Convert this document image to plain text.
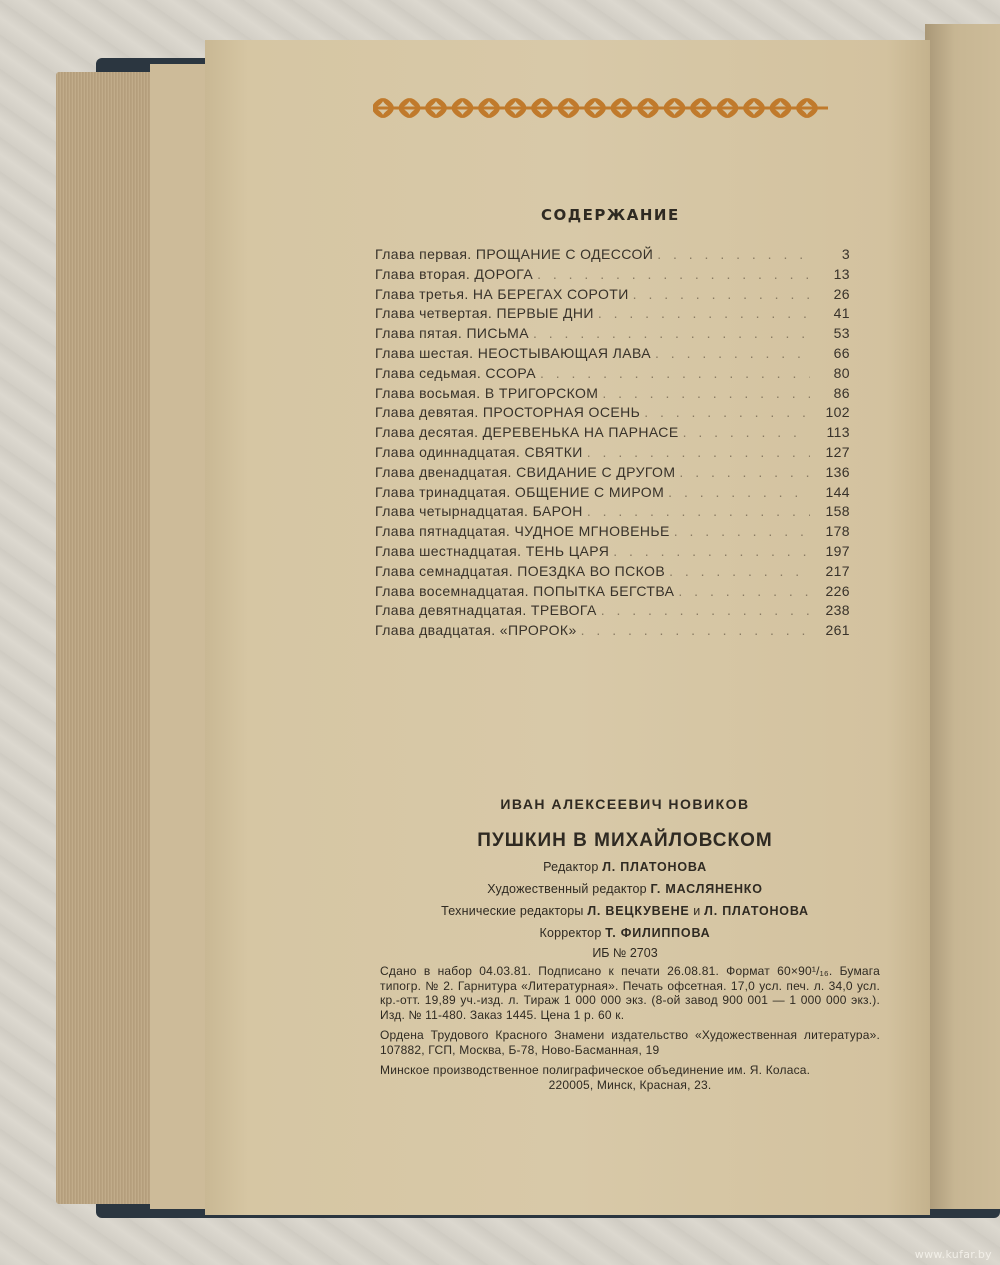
СОДЕРЖАНИЕ
Глава первая. ПРОЩАНИЕ С ОДЕССОЙ . . .	3
Глава вторая. ДОРОГА . . .	13
Глава третья. НА БЕРЕГАХ СОРОТИ . . .	26
Глава четвертая. ПЕРВЫЕ ДНИ . . .	41
Глава пятая. ПИСЬМА . . .	53
Глава шестая. НЕОСТЫВАЮЩАЯ ЛАВА . . .	66
Глава седьмая. ССОРА . . .	80
Глава восьмая. В ТРИГОРСКОМ . . .	86
Глава девятая. ПРОСТОРНАЯ ОСЕНЬ . . .	102
Глава десятая. ДЕРЕВЕНЬКА НА ПАРНАСЕ . . .	113
Глава одиннадцатая. СВЯТКИ . . .	127
Глава двенадцатая. СВИДАНИЕ С ДРУГОМ . . .	136
Глава тринадцатая. ОБЩЕНИЕ С МИРОМ . . .	144
Глава четырнадцатая. БАРОН . . .	158
Глава пятнадцатая. ЧУДНОЕ МГНОВЕНЬЕ . . .	178
Глава шестнадцатая. ТЕНЬ ЦАРЯ . . .	197
Глава семнадцатая. ПОЕЗДКА ВО ПСКОВ . . .	217
Глава восемнадцатая. ПОПЫТКА БЕГСТВА . . .	226
Глава девятнадцатая. ТРЕВОГА . . .	238
Глава двадцатая. «ПРОРОК» . . .	261
ИВАН АЛЕКСЕЕВИЧ НОВИКОВ
ПУШКИН В МИХАЙЛОВСКОМ
Редактор Л. ПЛАТОНОВА
Художественный редактор Г. МАСЛЯНЕНКО
Технические редакторы Л. ВЕЦКУВЕНЕ и Л. ПЛАТОНОВА
Корректор Т. ФИЛИППОВА
ИБ № 2703

Сдано в набор 04.03.81. Подписано к печати 26.08.81. Формат 60×90¹/₁₆. Бумага типогр. № 2. Гарнитура «Литературная». Печать офсетная. 17,0 усл. печ. л. 34,0 усл. кр.-отт. 19,89 уч.-изд. л. Тираж 1 000 000 экз. (8-ой завод 900 001 — 1 000 000 экз.). Изд. № 11-480. Заказ 1445. Цена 1 р. 60 к.

Ордена Трудового Красного Знамени издательство «Художественная литература». 107882, ГСП, Москва, Б-78, Ново-Басманная, 19

Минское производственное полиграфическое объединение им. Я. Коласа.

220005, Минск, Красная, 23.

www.kufar.by
